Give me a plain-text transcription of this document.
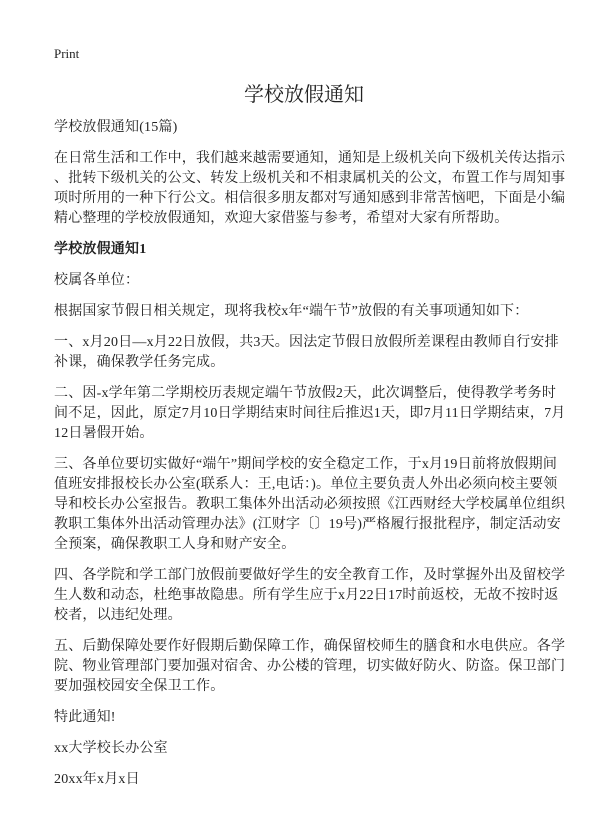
Print
学校放假通知
学校放假通知(15篇)
在日常生活和工作中，我们越来越需要通知，通知是上级机关向下级机关传达指示
、批转下级机关的公文、转发上级机关和不相隶属机关的公文，布置工作与周知事
项时所用的一种下行公文。相信很多朋友都对写通知感到非常苦恼吧，下面是小编
精心整理的学校放假通知，欢迎大家借鉴与参考，希望对大家有所帮助。
学校放假通知1
校属各单位：
根据国家节假日相关规定，现将我校x年“端午节”放假的有关事项通知如下：
一、x月20日—x月22日放假，共3天。因法定节假日放假所差课程由教师自行安排
补课，确保教学任务完成。
二、因-x学年第二学期校历表规定端午节放假2天，此次调整后，使得教学考务时
间不足，因此，原定7月10日学期结束时间往后推迟1天，即7月11日学期结束，7月
12日暑假开始。
三、各单位要切实做好“端午”期间学校的安全稳定工作，于x月19日前将放假期间
值班安排报校长办公室(联系人：王,电话：)。单位主要负责人外出必须向校主要领
导和校长办公室报告。教职工集体外出活动必须按照《江西财经大学校属单位组织
教职工集体外出活动管理办法》(江财字〔〕19号)严格履行报批程序，制定活动安
全预案，确保教职工人身和财产安全。
四、各学院和学工部门放假前要做好学生的安全教育工作，及时掌握外出及留校学
生人数和动态，杜绝事故隐患。所有学生应于x月22日17时前返校，无故不按时返
校者，以违纪处理。
五、后勤保障处要作好假期后勤保障工作，确保留校师生的膳食和水电供应。各学
院、物业管理部门要加强对宿舍、办公楼的管理，切实做好防火、防盗。保卫部门
要加强校园安全保卫工作。
特此通知!
xx大学校长办公室
20xx年x月x日
